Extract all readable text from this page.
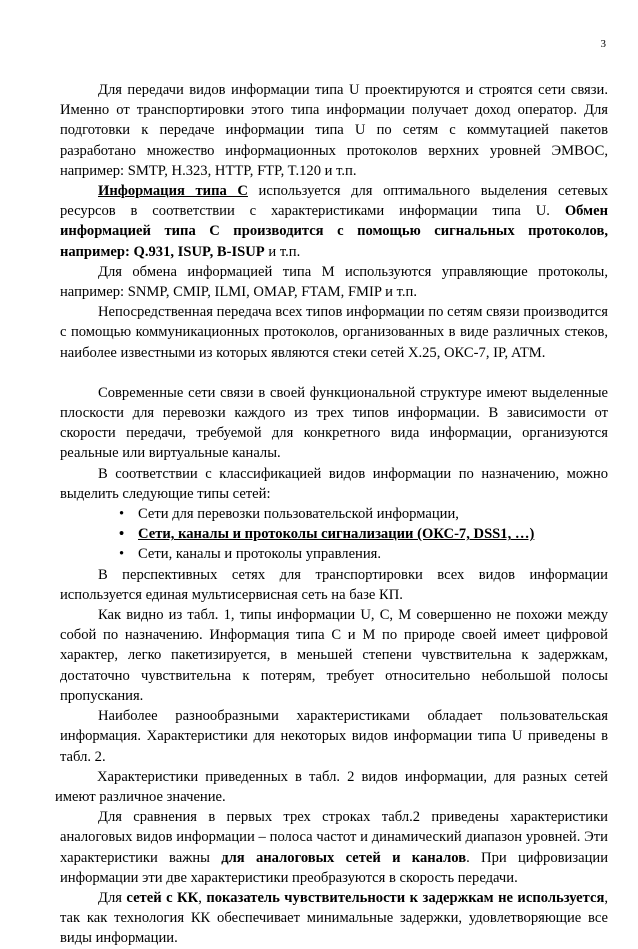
3

Для передачи видов информации типа U проектируются и строятся сети связи. Именно от транспортировки этого типа информации получает доход оператор. Для подготовки к передаче информации типа U по сетям с коммутацией пакетов разработано множество информационных протоколов верхних уровней ЭМВОС, например: SMTP, H.323, HTTP, FTP, T.120 и т.п.

Информация типа С используется для оптимального выделения сетевых ресурсов в соответствии с характеристиками информации типа U. Обмен информацией типа С производится с помощью сигнальных протоколов, например: Q.931, ISUP, B-ISUP и т.п.

Для обмена информацией типа М используются управляющие протоколы, например: SNMP, CMIP, ILMI, OMAP, FTAM, FMIP и т.п.

Непосредственная передача всех типов информации по сетям связи производится с помощью коммуникационных протоколов, организованных в виде различных стеков, наиболее известными из которых являются стеки сетей X.25, ОКС-7, IP, ATM.

Современные сети связи в своей функциональной структуре имеют выделенные плоскости для перевозки каждого из трех типов информации. В зависимости от скорости передачи, требуемой для конкретного вида информации, организуются реальные или виртуальные каналы.

В соответствии с классификацией видов информации по назначению, можно выделить следующие типы сетей:

• Сети для перевозки пользовательской информации,
• Сети, каналы и протоколы сигнализации (ОКС-7, DSS1, …)
• Сети, каналы и протоколы управления.

В перспективных сетях для транспортировки всех видов информации используется единая мультисервисная сеть на базе КП.

Как видно из табл. 1, типы информации U, C, M совершенно не похожи между собой по назначению. Информация типа С и М по природе своей имеет цифровой характер, легко пакетизируется, в меньшей степени чувствительна к задержкам, достаточно чувствительна к потерям, требует относительно небольшой полосы пропускания.

Наиболее разнообразными характеристиками обладает пользовательская информация. Характеристики для некоторых видов информации типа U приведены в табл. 2.

Характеристики приведенных в табл. 2 видов информации, для разных сетей имеют различное значение.

Для сравнения в первых трех строках табл.2 приведены характеристики аналоговых видов информации – полоса частот и динамический диапазон уровней. Эти характеристики важны для аналоговых сетей и каналов. При цифровизации информации эти две характеристики преобразуются в скорость передачи.

Для сетей с КК, показатель чувствительности к задержкам не используется, так как технология КК обеспечивает минимальные задержки, удовлетворяющие все виды информации.
